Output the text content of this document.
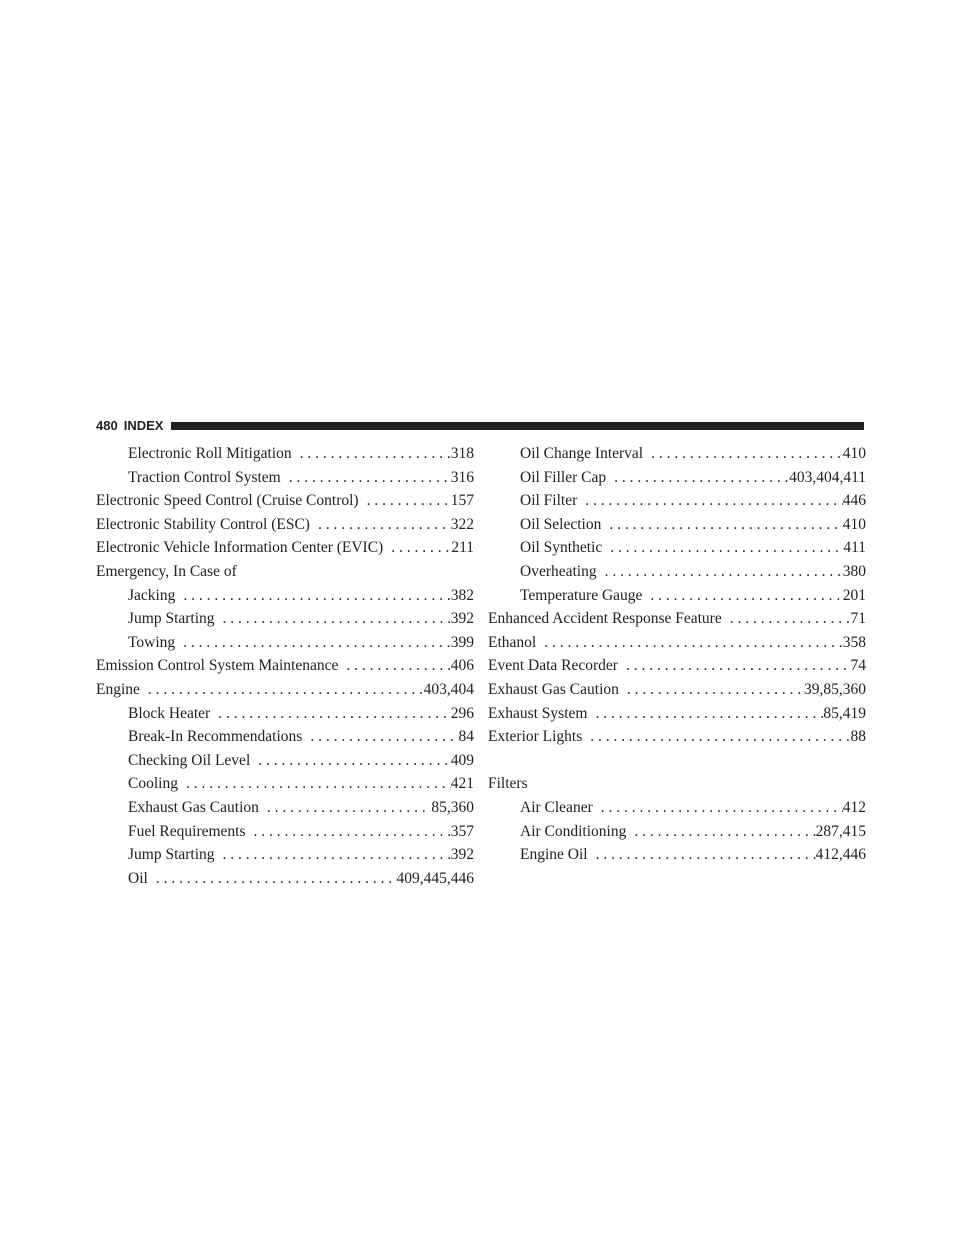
480 INDEX
Electronic Roll Mitigation . . .	318
Traction Control System . . .	316
Electronic Speed Control (Cruise Control) . . .	157
Electronic Stability Control (ESC) . . .	322
Electronic Vehicle Information Center (EVIC) . . .	211
Emergency, In Case of
Jacking . . .	382
Jump Starting . . .	392
Towing . . .	399
Emission Control System Maintenance . . .	406
Engine . . .	403,404
Block Heater . . .	296
Break-In Recommendations . . .	84
Checking Oil Level . . .	409
Cooling . . .	421
Exhaust Gas Caution . . .	85,360
Fuel Requirements . . .	357
Jump Starting . . .	392
Oil . . .	409,445,446
Oil Change Interval . . .	410
Oil Filler Cap . . .	403,404,411
Oil Filter . . .	446
Oil Selection . . .	410
Oil Synthetic . . .	411
Overheating . . .	380
Temperature Gauge . . .	201
Enhanced Accident Response Feature . . .	71
Ethanol . . .	358
Event Data Recorder . . .	74
Exhaust Gas Caution . . .	39,85,360
Exhaust System . . .	85,419
Exterior Lights . . .	88
Filters
Air Cleaner . . .	412
Air Conditioning . . .	287,415
Engine Oil . . .	412,446
